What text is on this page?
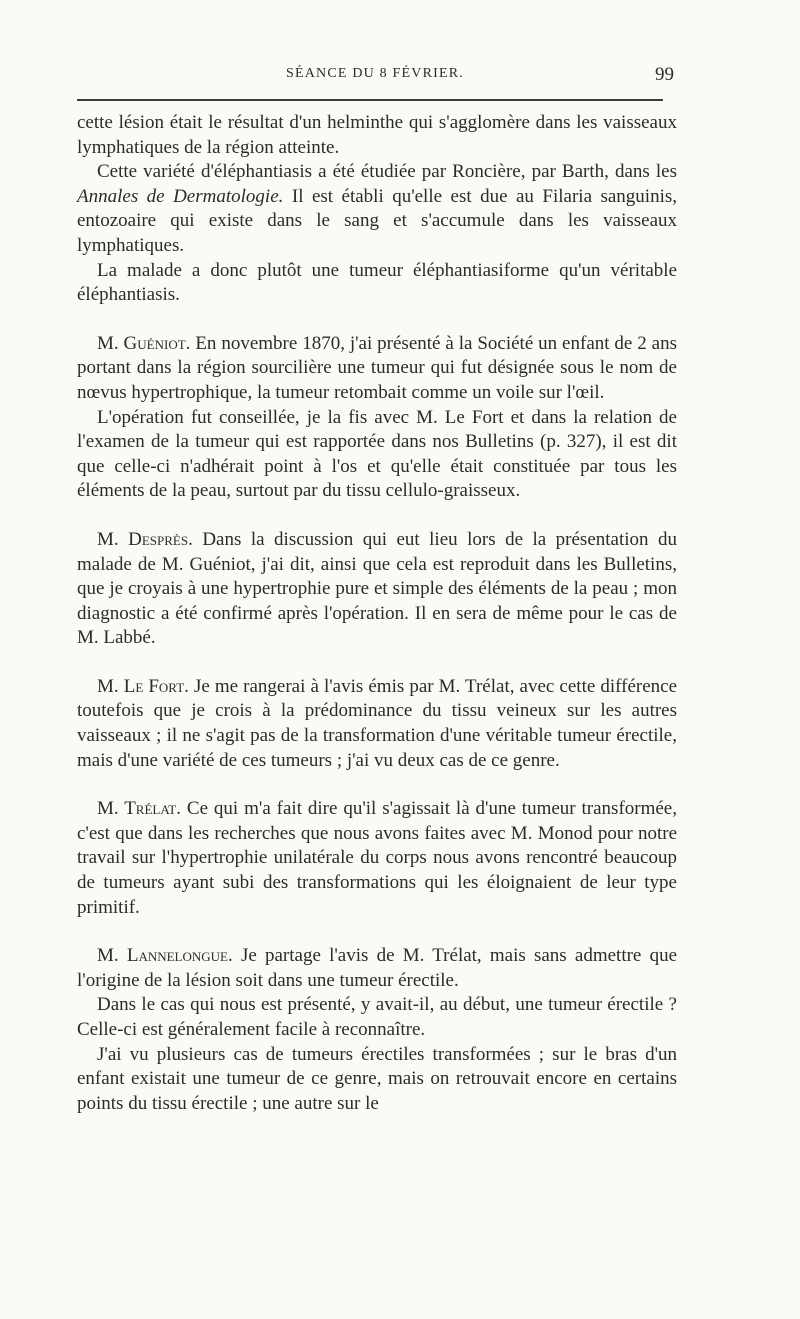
SÉANCE DU 8 FÉVRIER.	99

cette lésion était le résultat d'un helminthe qui s'agglomère dans les vaisseaux lymphatiques de la région atteinte.

Cette variété d'éléphantiasis a été étudiée par Roncière, par Barth, dans les Annales de Dermatologie. Il est établi qu'elle est due au Filaria sanguinis, entozoaire qui existe dans le sang et s'accumule dans les vaisseaux lymphatiques.

La malade a donc plutôt une tumeur éléphantiasiforme qu'un véritable éléphantiasis.

M. Guéniot. En novembre 1870, j'ai présenté à la Société un enfant de 2 ans portant dans la région sourcilière une tumeur qui fut désignée sous le nom de nœvus hypertrophique, la tumeur retombait comme un voile sur l'œil.

L'opération fut conseillée, je la fis avec M. Le Fort et dans la relation de l'examen de la tumeur qui est rapportée dans nos Bulletins (p. 327), il est dit que celle-ci n'adhérait point à l'os et qu'elle était constituée par tous les éléments de la peau, surtout par du tissu cellulo-graisseux.

M. Desprès. Dans la discussion qui eut lieu lors de la présentation du malade de M. Guéniot, j'ai dit, ainsi que cela est reproduit dans les Bulletins, que je croyais à une hypertrophie pure et simple des éléments de la peau ; mon diagnostic a été confirmé après l'opération. Il en sera de même pour le cas de M. Labbé.

M. Le Fort. Je me rangerai à l'avis émis par M. Trélat, avec cette différence toutefois que je crois à la prédominance du tissu veineux sur les autres vaisseaux ; il ne s'agit pas de la transformation d'une véritable tumeur érectile, mais d'une variété de ces tumeurs ; j'ai vu deux cas de ce genre.

M. Trélat. Ce qui m'a fait dire qu'il s'agissait là d'une tumeur transformée, c'est que dans les recherches que nous avons faites avec M. Monod pour notre travail sur l'hypertrophie unilatérale du corps nous avons rencontré beaucoup de tumeurs ayant subi des transformations qui les éloignaient de leur type primitif.

M. Lannelongue. Je partage l'avis de M. Trélat, mais sans admettre que l'origine de la lésion soit dans une tumeur érectile.

Dans le cas qui nous est présenté, y avait-il, au début, une tumeur érectile ? Celle-ci est généralement facile à reconnaître.

J'ai vu plusieurs cas de tumeurs érectiles transformées ; sur le bras d'un enfant existait une tumeur de ce genre, mais on retrouvait encore en certains points du tissu érectile ; une autre sur le
